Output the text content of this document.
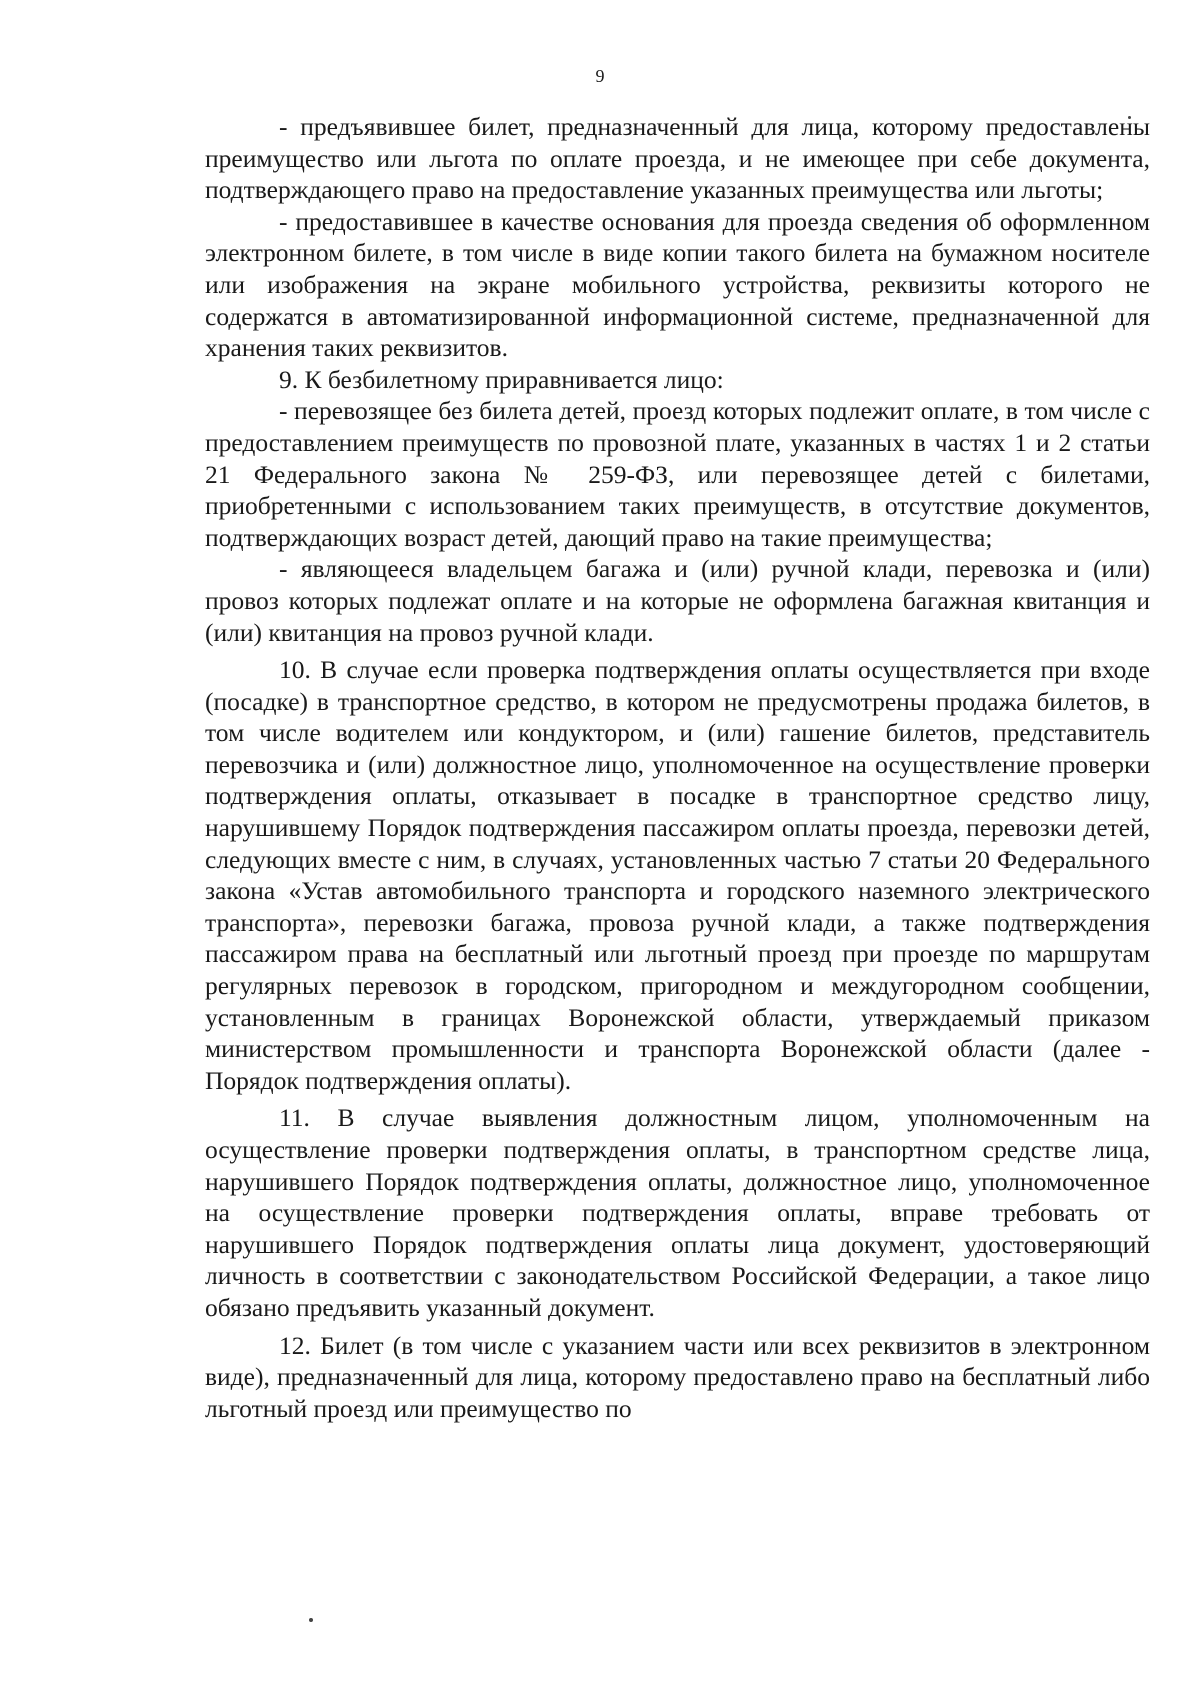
9

- предъявившее билет, предназначенный для лица, которому предоставлены преимущество или льгота по оплате проезда, и не имеющее при себе документа, подтверждающего право на предоставление указанных преимущества или льготы;

- предоставившее в качестве основания для проезда сведения об оформленном электронном билете, в том числе в виде копии такого билета на бумажном носителе или изображения на экране мобильного устройства, реквизиты которого не содержатся в автоматизированной информационной системе, предназначенной для хранения таких реквизитов.

9. К безбилетному приравнивается лицо:

- перевозящее без билета детей, проезд которых подлежит оплате, в том числе с предоставлением преимуществ по провозной плате, указанных в частях 1 и 2 статьи 21 Федерального закона № 259-ФЗ, или перевозящее детей с билетами, приобретенными с использованием таких преимуществ, в отсутствие документов, подтверждающих возраст детей, дающий право на такие преимущества;

- являющееся владельцем багажа и (или) ручной клади, перевозка и (или) провоз которых подлежат оплате и на которые не оформлена багажная квитанция и (или) квитанция на провоз ручной клади.

10. В случае если проверка подтверждения оплаты осуществляется при входе (посадке) в транспортное средство, в котором не предусмотрены продажа билетов, в том числе водителем или кондуктором, и (или) гашение билетов, представитель перевозчика и (или) должностное лицо, уполномоченное на осуществление проверки подтверждения оплаты, отказывает в посадке в транспортное средство лицу, нарушившему Порядок подтверждения пассажиром оплаты проезда, перевозки детей, следующих вместе с ним, в случаях, установленных частью 7 статьи 20 Федерального закона «Устав автомобильного транспорта и городского наземного электрического транспорта», перевозки багажа, провоза ручной клади, а также подтверждения пассажиром права на бесплатный или льготный проезд при проезде по маршрутам регулярных перевозок в городском, пригородном и междугородном сообщении, установленным в границах Воронежской области, утверждаемый приказом министерством промышленности и транспорта Воронежской области (далее - Порядок подтверждения оплаты).

11. В случае выявления должностным лицом, уполномоченным на осуществление проверки подтверждения оплаты, в транспортном средстве лица, нарушившего Порядок подтверждения оплаты, должностное лицо, уполномоченное на осуществление проверки подтверждения оплаты, вправе требовать от нарушившего Порядок подтверждения оплаты лица документ, удостоверяющий личность в соответствии с законодательством Российской Федерации, а такое лицо обязано предъявить указанный документ.

12. Билет (в том числе с указанием части или всех реквизитов в электронном виде), предназначенный для лица, которому предоставлено право на бесплатный либо льготный проезд или преимущество по
